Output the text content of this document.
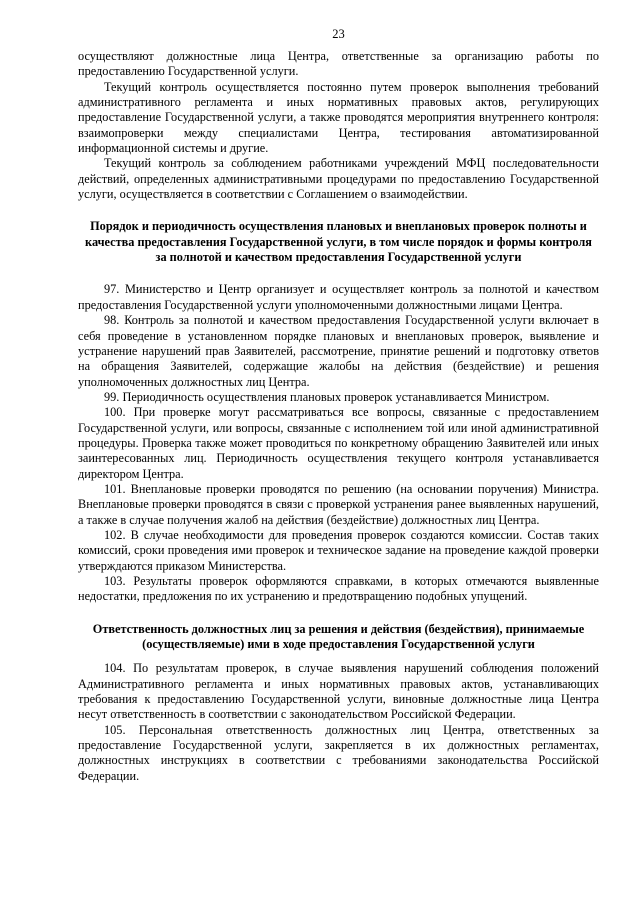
23

осуществляют должностные лица Центра, ответственные за организацию работы по предоставлению Государственной услуги.

Текущий контроль осуществляется постоянно путем проверок выполнения требований административного регламента и иных нормативных правовых актов, регулирующих предоставление Государственной услуги, а также проводятся мероприятия внутреннего контроля: взаимопроверки между специалистами Центра, тестирования автоматизированной информационной системы и другие.

Текущий контроль за соблюдением работниками учреждений МФЦ последовательности действий, определенных административными процедурами по предоставлению Государственной услуги, осуществляется в соответствии с Соглашением о взаимодействии.

Порядок и периодичность осуществления плановых и внеплановых проверок полноты и качества предоставления Государственной услуги, в том числе порядок и формы контроля за полнотой и качеством предоставления Государственной услуги

97. Министерство и Центр организует и осуществляет контроль за полнотой и качеством предоставления Государственной услуги уполномоченными должностными лицами Центра.

98. Контроль за полнотой и качеством предоставления Государственной услуги включает в себя проведение в установленном порядке плановых и внеплановых проверок, выявление и устранение нарушений прав Заявителей, рассмотрение, принятие решений и подготовку ответов на обращения Заявителей, содержащие жалобы на действия (бездействие) и решения уполномоченных должностных лиц Центра.

99. Периодичность осуществления плановых проверок устанавливается Министром.

100. При проверке могут рассматриваться все вопросы, связанные с предоставлением Государственной услуги, или вопросы, связанные с исполнением той или иной административной процедуры. Проверка также может проводиться по конкретному обращению Заявителей или иных заинтересованных лиц. Периодичность осуществления текущего контроля устанавливается директором Центра.

101. Внеплановые проверки проводятся по решению (на основании поручения) Министра. Внеплановые проверки проводятся в связи с проверкой устранения ранее выявленных нарушений, а также в случае получения жалоб на действия (бездействие) должностных лиц Центра.

102. В случае необходимости для проведения проверок создаются комиссии. Состав таких комиссий, сроки проведения ими проверок и техническое задание на проведение каждой проверки утверждаются приказом Министерства.

103. Результаты проверок оформляются справками, в которых отмечаются выявленные недостатки, предложения по их устранению и предотвращению подобных упущений.

Ответственность должностных лиц за решения и действия (бездействия), принимаемые (осуществляемые) ими в ходе предоставления Государственной услуги

104. По результатам проверок, в случае выявления нарушений соблюдения положений Административного регламента и иных нормативных правовых актов, устанавливающих требования к предоставлению Государственной услуги, виновные должностные лица Центра несут ответственность в соответствии с законодательством Российской Федерации.

105. Персональная ответственность должностных лиц Центра, ответственных за предоставление Государственной услуги, закрепляется в их должностных регламентах, должностных инструкциях в соответствии с требованиями законодательства Российской Федерации.
